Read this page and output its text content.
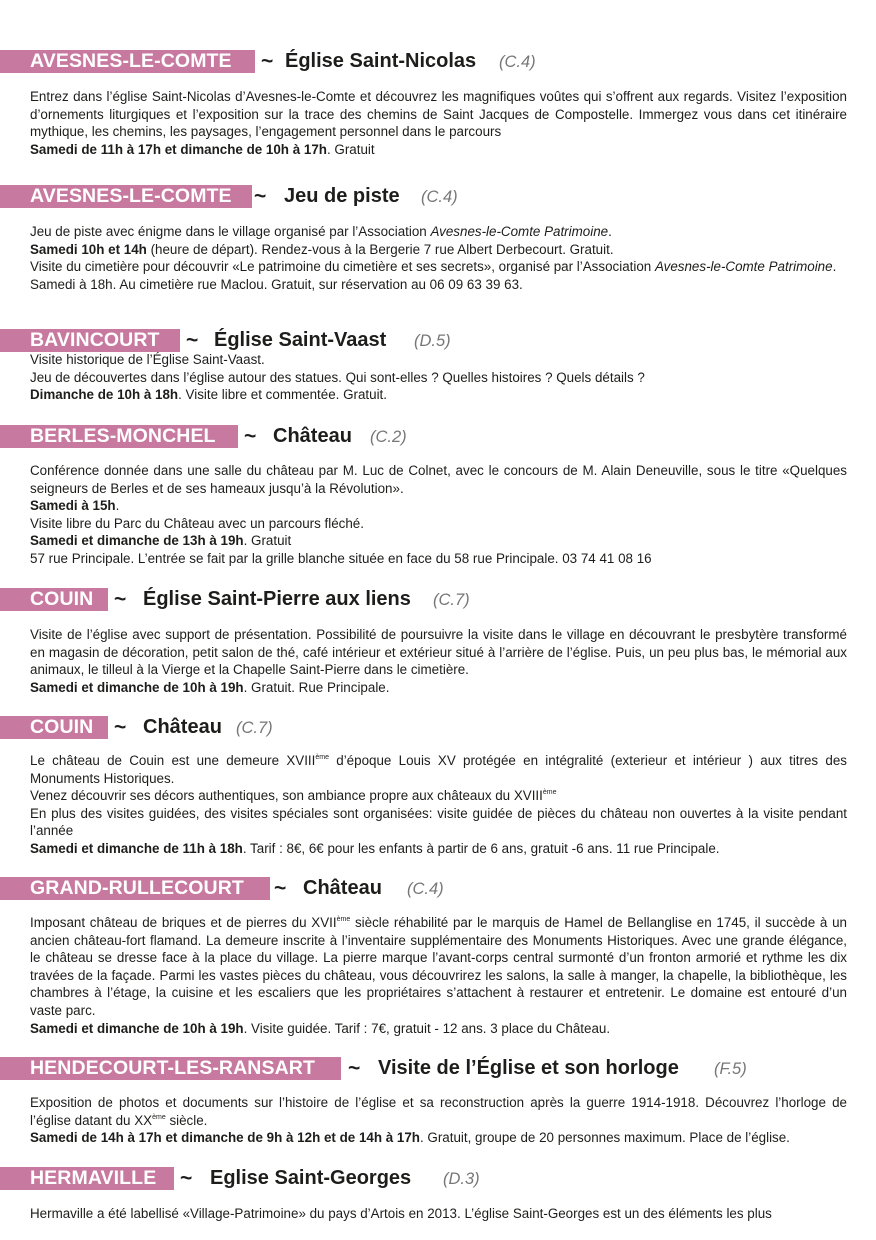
AVESNES-LE-COMTE	~ Église Saint-Nicolas (C.4)

Entrez dans l’église Saint-Nicolas d’Avesnes-le-Comte et découvrez les magnifiques voûtes qui s’offrent aux regards. Visitez l’exposition d’ornements liturgiques et l’exposition sur la trace des chemins de Saint Jacques de Compostelle. Immergez vous dans cet itinéraire mythique, les chemins, les paysages, l’engagement personnel dans le parcours

Samedi de 11h à 17h et dimanche de 10h à 17h. Gratuit

AVESNES-LE-COMTE	~ Jeu de piste (C.4)

Jeu de piste avec énigme dans le village organisé par l’Association Avesnes-le-Comte Patrimoine.

Samedi 10h et 14h (heure de départ). Rendez-vous à la Bergerie 7 rue Albert Derbecourt. Gratuit.

Visite du cimetière pour découvrir «Le patrimoine du cimetière et ses secrets», organisé par l’Association Avesnes-le-Comte Patrimoine.

Samedi à 18h. Au cimetière rue Maclou. Gratuit, sur réservation au 06 09 63 39 63.

BAVINCOURT	~ Église Saint-Vaast (D.5)

Visite historique de l’Église Saint-Vaast.

Jeu de découvertes dans l’église autour des statues. Qui sont-elles ? Quelles histoires ? Quels détails ?

Dimanche de 10h à 18h. Visite libre et commentée. Gratuit.

BERLES-MONCHEL	~ Château (C.2)

Conférence donnée dans une salle du château par M. Luc de Colnet, avec le concours de M. Alain Deneuville, sous le titre «Quelques seigneurs de Berles et de ses hameaux jusqu’à la Révolution».

Samedi à 15h.

Visite libre du Parc du Château avec un parcours fléché.

Samedi et dimanche de 13h à 19h. Gratuit

57 rue Principale. L’entrée se fait par la grille blanche située en face du 58 rue Principale. 03 74 41 08 16

COUIN ~ Église Saint-Pierre aux liens (C.7)

Visite de l’église avec support de présentation. Possibilité de poursuivre la visite dans le village en découvrant le presbytère transformé en magasin de décoration, petit salon de thé, café intérieur et extérieur situé à l’arrière de l’église. Puis, un peu plus bas, le mémorial aux animaux, le tilleul à la Vierge et la Chapelle Saint-Pierre dans le cimetière.

Samedi et dimanche de 10h à 19h. Gratuit. Rue Principale.

COUIN ~ Château (C.7)

Le château de Couin est une demeure XVIIIème d’époque Louis XV protégée en intégralité (exterieur et intérieur ) aux titres des Monuments Historiques.

Venez découvrir ses décors authentiques, son ambiance propre aux châteaux du XVIIIème

En plus des visites guidées, des visites spéciales sont organisées: visite guidée de pièces du château non ouvertes à la visite pendant l’année

Samedi et dimanche de 11h à 18h. Tarif : 8€, 6€ pour les enfants à partir de 6 ans, gratuit -6 ans. 11 rue Principale.

GRAND-RULLECOURT	~ Château (C.4)

Imposant château de briques et de pierres du XVIIème siècle réhabilité par le marquis de Hamel de Bellanglise en 1745, il succède à un ancien château-fort flamand. La demeure inscrite à l’inventaire supplémentaire des Monuments Historiques. Avec une grande élégance, le château se dresse face à la place du village. La pierre marque l’avant-corps central surmonté d’un fronton armorié et rythme les dix travées de la façade. Parmi les vastes pièces du château, vous découvrirez les salons, la salle à manger, la chapelle, la bibliothèque, les chambres à l’étage, la cuisine et les escaliers que les propriétaires s’attachent à restaurer et entretenir. Le domaine est entouré d’un vaste parc.

Samedi et dimanche de 10h à 19h. Visite guidée. Tarif : 7€, gratuit - 12 ans. 3 place du Château.

HENDECOURT-LES-RANSART	~ Visite de l’Église et son horloge (F.5)

Exposition de photos et documents sur l’histoire de l’église et sa reconstruction après la guerre 1914-1918. Découvrez l’horloge de l’église datant du XXème siècle.

Samedi de 14h à 17h et dimanche de 9h à 12h et de 14h à 17h. Gratuit, groupe de 20 personnes maximum. Place de l’église.

HERMAVILLE	~ Eglise Saint-Georges (D.3)

Hermaville a été labellisé «Village-Patrimoine» du pays d’Artois en 2013. L’église Saint-Georges est un des éléments les plus
